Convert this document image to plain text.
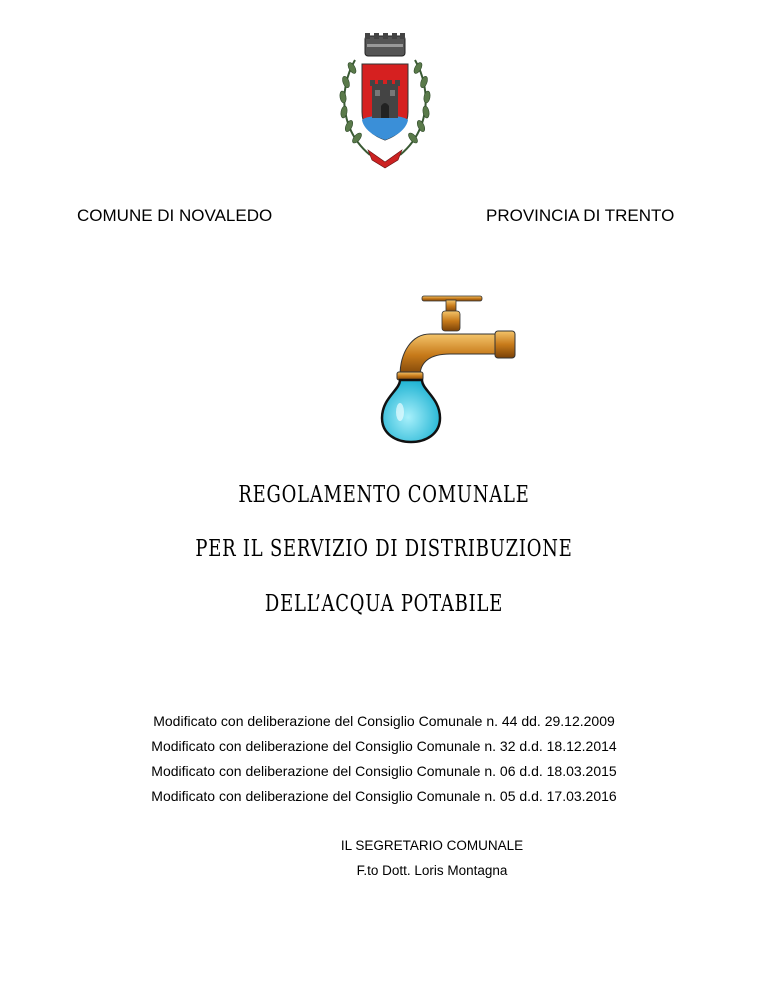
COMUNE DI NOVALEDO	PROVINCIA DI TRENTO
REGOLAMENTO COMUNALE
PER IL SERVIZIO DI DISTRIBUZIONE
DELL’ACQUA POTABILE
Modificato con deliberazione del Consiglio Comunale n. 44 dd. 29.12.2009
Modificato con deliberazione del Consiglio Comunale n. 32 d.d. 18.12.2014
Modificato con deliberazione del Consiglio Comunale n. 06 d.d. 18.03.2015
Modificato con deliberazione del Consiglio Comunale n. 05 d.d. 17.03.2016
IL SEGRETARIO COMUNALE
F.to Dott. Loris Montagna
